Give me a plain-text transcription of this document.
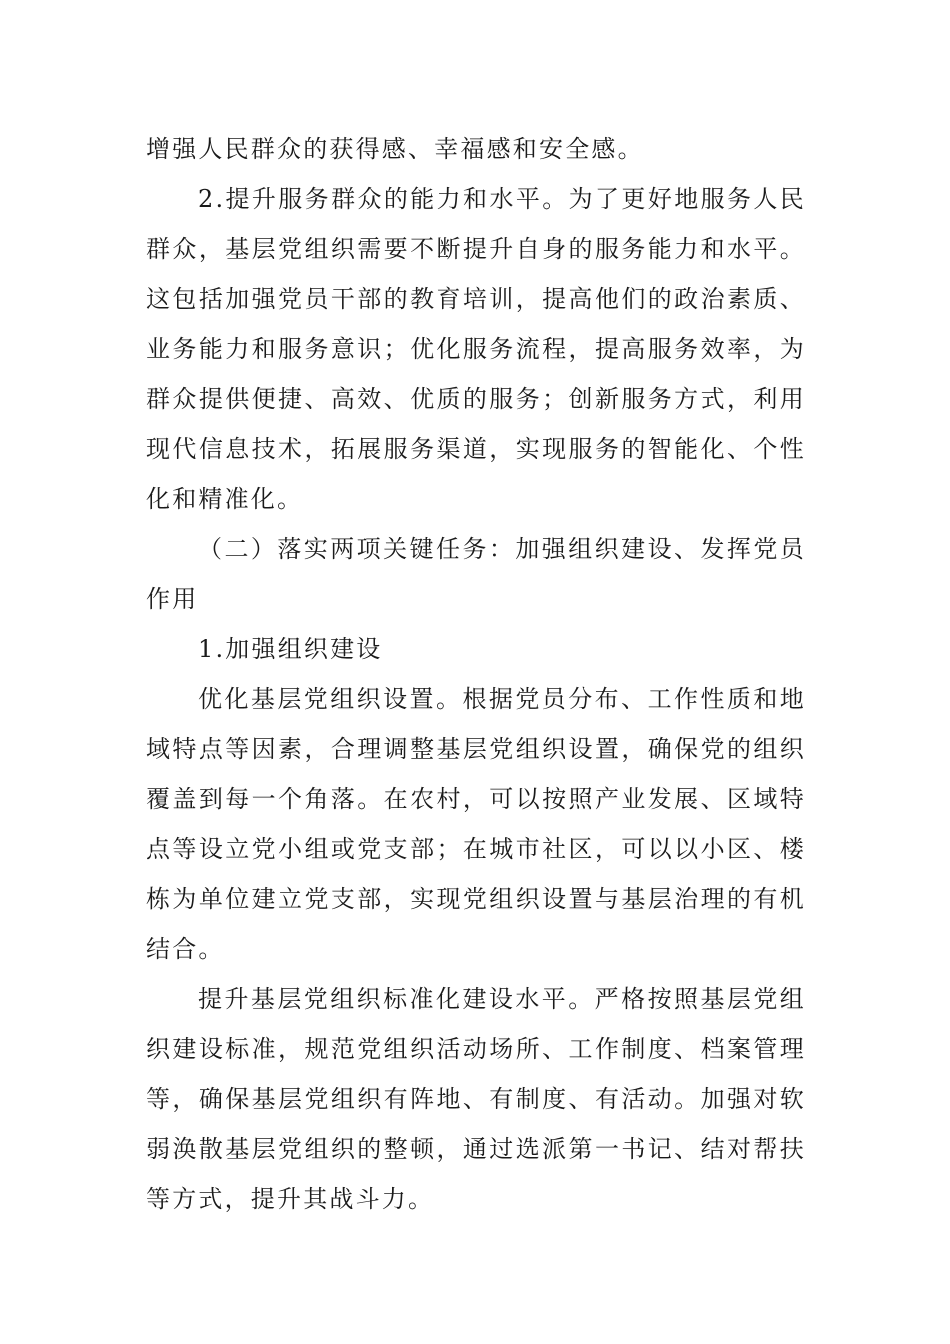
增强人民群众的获得感、幸福感和安全感。

2.提升服务群众的能力和水平。为了更好地服务人民群众，基层党组织需要不断提升自身的服务能力和水平。这包括加强党员干部的教育培训，提高他们的政治素质、业务能力和服务意识；优化服务流程，提高服务效率，为群众提供便捷、高效、优质的服务；创新服务方式，利用现代信息技术，拓展服务渠道，实现服务的智能化、个性化和精准化。

（二）落实两项关键任务：加强组织建设、发挥党员作用

1.加强组织建设

优化基层党组织设置。根据党员分布、工作性质和地域特点等因素，合理调整基层党组织设置，确保党的组织覆盖到每一个角落。在农村，可以按照产业发展、区域特点等设立党小组或党支部；在城市社区，可以以小区、楼栋为单位建立党支部，实现党组织设置与基层治理的有机结合。

提升基层党组织标准化建设水平。严格按照基层党组织建设标准，规范党组织活动场所、工作制度、档案管理等，确保基层党组织有阵地、有制度、有活动。加强对软弱涣散基层党组织的整顿，通过选派第一书记、结对帮扶等方式，提升其战斗力。
